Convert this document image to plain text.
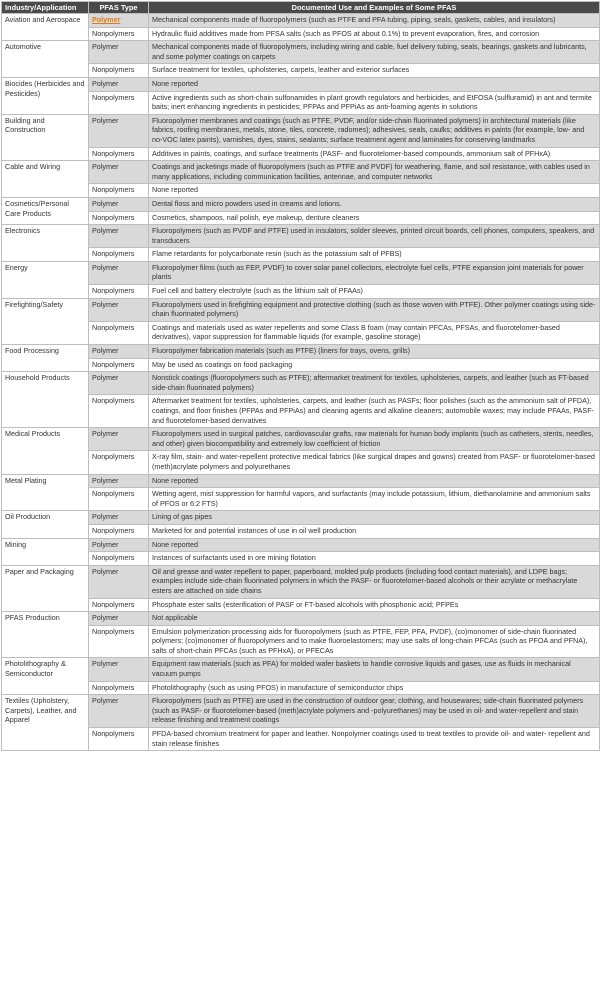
Industry/Application	PFAS Type	Documented Use and Examples of Some PFAS
Aviation and Aerospace	Polymer	Mechanical components made of fluoropolymers (such as PTFE and PFA tubing, piping, seals, gaskets, cables, and insulators)
	Nonpolymers	Hydraulic fluid additives made from PFSA salts (such as PFOS at about 0.1%) to prevent evaporation, fires, and corrosion
Automotive	Polymer	Mechanical components made of fluoropolymers, including wiring and cable, fuel delivery tubing, seals, bearings, gaskets and lubricants, and some polymer coatings on carpets
	Nonpolymers	Surface treatment for textiles, upholsteries, carpets, leather and exterior surfaces
Biocides (Herbicides and Pesticides)	Polymer	None reported
	Nonpolymers	Active ingredients such as short-chain sulfonamides in plant growth regulators and herbicides, and EtFOSA (sulfluramid) in ant and termite baits; inert enhancing ingredients in pesticides; PFPAs and PFPiAs as anti-foaming agents in solutions
Building and Construction	Polymer	Fluoropolymer membranes and coatings (such as PTFE, PVDF, and/or side-chain fluorinated polymers) in architectural materials (like fabrics, roofing membranes, metals, stone, tiles, concrete, radomes); adhesives, seals, caulks; additives in paints (for example, low- and no-VOC latex paints), varnishes, dyes, stains, sealants; surface treatment agent and laminates for conserving landmarks
	Nonpolymers	Additives in paints, coatings, and surface treatments (PASF- and fluorotelomer-based compounds, ammonium salt of PFHxA)
Cable and Wiring	Polymer	Coatings and jacketings made of fluoropolymers (such as PTFE and PVDF) for weathering, flame, and soil resistance, with cables used in many applications, including communication facilities, antennae, and computer networks
	Nonpolymers	None reported
Cosmetics/Personal Care Products	Polymer	Dental floss and micro powders used in creams and lotions.
	Nonpolymers	Cosmetics, shampoos, nail polish, eye makeup, denture cleaners
Electronics	Polymer	Fluoropolymers (such as PVDF and PTFE) used in insulators, solder sleeves, printed circuit boards, cell phones, computers, speakers, and transducers
	Nonpolymers	Flame retardants for polycarbonate resin (such as the potassium salt of PFBS)
Energy	Polymer	Fluoropolymer films (such as FEP, PVDF) to cover solar panel collectors, electrolyte fuel cells, PTFE expansion joint materials for power plants
	Nonpolymers	Fuel cell and battery electrolyte (such as the lithium salt of PFAAs)
Firefighting/Safety	Polymer	Fluoropolymers used in firefighting equipment and protective clothing (such as those woven with PTFE). Other polymer coatings using side-chain fluorinated polymers)
	Nonpolymers	Coatings and materials used as water repellents and some Class B foam (may contain PFCAs, PFSAs, and fluorotelomer-based derivatives), vapor suppression for flammable liquids (for example, gasoline storage)
Food Processing	Polymer	Fluoropolymer fabrication materials (such as PTFE) (liners for trays, ovens, grills)
	Nonpolymers	May be used as coatings on food packaging
Household Products	Polymer	Nonstick coatings (fluoropolymers such as PTFE); aftermarket treatment for textiles, upholsteries, carpets, and leather (such as FT-based side-chain fluorinated polymers)
	Nonpolymers	Aftermarket treatment for textiles, upholsteries, carpets, and leather (such as PASFs; floor polishes (such as the ammonium salt of PFDA), coatings, and floor finishes (PFPAs and PFPiAs) and cleaning agents and alkaline cleaners; automobile waxes; may include PFAAs, PASF- and fluorotelomer-based derivatives
Medical Products	Polymer	Fluoropolymers used in surgical patches, cardiovascular grafts, raw materials for human body implants (such as catheters, stents, needles, and other) given biocompatibility and extremely low coefficient of friction
	Nonpolymers	X-ray film, stain- and water-repellent protective medical fabrics (like surgical drapes and gowns) created from PASF- or fluorotelomer-based (meth)acrylate polymers and polyurethanes
Metal Plating	Polymer	None reported
	Nonpolymers	Wetting agent, mist suppression for harmful vapors, and surfactants (may include potassium, lithium, diethanolamine and ammonium salts of PFOS or 6:2 FTS)
Oil Production	Polymer	Lining of gas pipes
	Nonpolymers	Marketed for and potential instances of use in oil well production
Mining	Polymer	None reported
	Nonpolymers	Instances of surfactants used in ore mining flotation
Paper and Packaging	Polymer	Oil and grease and water repellent to paper, paperboard, molded pulp products (including food contact materials), and LDPE bags; examples include side-chain fluorinated polymers in which the PASF- or fluorotelomer-based alcohols or their acrylate or methacrylate esters are attached on side chains
	Nonpolymers	Phosphate ester salts (esterification of PASF or FT-based alcohols with phosphonic acid; PFPEs
PFAS Production	Polymer	Not applicable
	Nonpolymers	Emulsion polymerization processing aids for fluoropolymers (such as PTFE, FEP, PFA, PVDF), (co)monomer of side-chain fluorinated polymers; (co)monomer of fluoropolymers and to make fluoroelastomers; may use salts of long-chain PFCAs (such as PFOA and PFNA), salts of short-chain PFCAs (such as PFHxA), or PFECAs
Photolithography & Semiconductor	Polymer	Equipment raw materials (such as PFA) for molded wafer baskets to handle corrosive liquids and gases, use as fluids in mechanical vacuum pumps
	Nonpolymers	Photolithography (such as using PFOS) in manufacture of semiconductor chips
Textiles (Upholstery, Carpets), Leather, and Apparel	Polymer	Fluoropolymers (such as PTFE) are used in the construction of outdoor gear, clothing, and housewares; side-chain fluorinated polymers (such as PASF- or fluorotelomer-based (meth)acrylate polymers and -polyurethanes) may be used in oil- and water-repellent and stain release finishing and treatment coatings
	Nonpolymers	PFDA-based chromium treatment for paper and leather. Nonpolymer coatings used to treat textiles to provide oil- and water- repellent and stain release finishes
